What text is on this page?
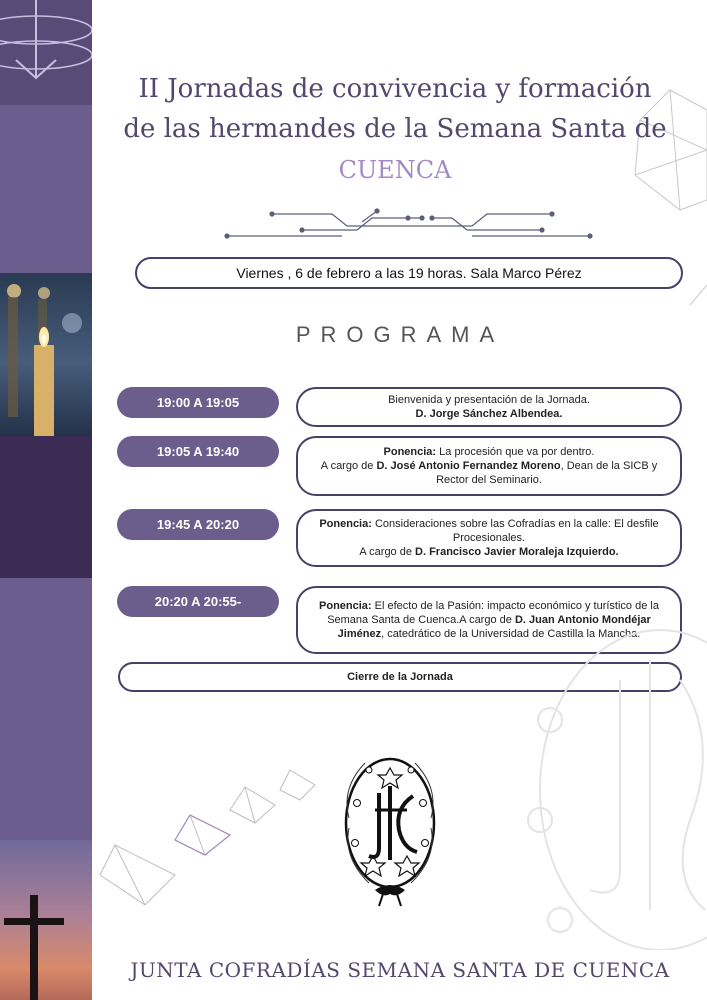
II Jornadas de convivencia y formación
de las hermandes de la Semana Santa de
CUENCA
Viernes , 6 de febrero a las 19 horas. Sala Marco Pérez
PROGRAMA
19:00 A 19:05	Bienvenida y presentación de la Jornada.
D. Jorge Sánchez Albendea.
19:05 A 19:40	Ponencia: La procesión que va por dentro.
A cargo de D. José Antonio Fernandez Moreno, Dean de la SICB y Rector del Seminario.
19:45 A 20:20	Ponencia: Consideraciones sobre las Cofradías en la calle: El desfile Procesionales.
A cargo de D. Francisco Javier Moraleja Izquierdo.
20:20 A 20:55-	Ponencia: El efecto de la Pasión: impacto económico y turístico de la Semana Santa de Cuenca.A cargo de D. Juan Antonio Mondéjar Jiménez, catedrático de la Universidad de Castilla la Mancha.
Cierre de la Jornada
JUNTA COFRADÍAS SEMANA SANTA DE CUENCA
